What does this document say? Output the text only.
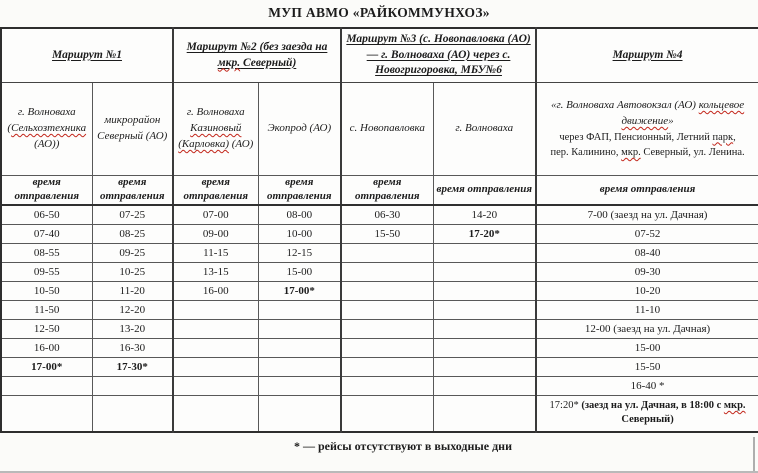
МУП АВМО «РАЙКОММУНХОЗ»
Маршрут №1		Маршрут №2 (без заезда на мкр. Северный)		Маршрут №3 (с. Новопавловка (АО) — г. Волноваха (АО) через с. Новогригоровка, МБУ№6		Маршрут №4
г. Волноваха (Сельхозтехника (АО))	микрорайон Северный (АО)	г. Волноваха Казиновый (Карловка) (АО)	Экопрод (АО)	с. Новопавловка	г. Волноваха	«г. Волноваха Автовокзал (АО) кольцевое движение»
через ФАП, Пенсионный, Летний парк,
пер. Калинино, мкр. Северный, ул. Ленина.

время отправления	время отправления	время отправления	время отправления	время отправления	время отправления	время отправления
06-50	07-25	07-00	08-00	06-30	14-20	7-00 (заезд на ул. Дачная)
07-40	08-25	09-00	10-00	15-50	17-20*	07-52
08-55	09-25	11-15	12-15			08-40
09-55	10-25	13-15	15-00			09-30
10-50	11-20	16-00	17-00*			10-20
11-50	12-20					11-10
12-50	13-20					12-00 (заезд на ул. Дачная)
16-00	16-30					15-00
17-00*	17-30*					15-50
						16-40 *
						17:20* (заезд на ул. Дачная, в 18:00 с мкр. Северный)
* — рейсы отсутствуют в выходные дни
